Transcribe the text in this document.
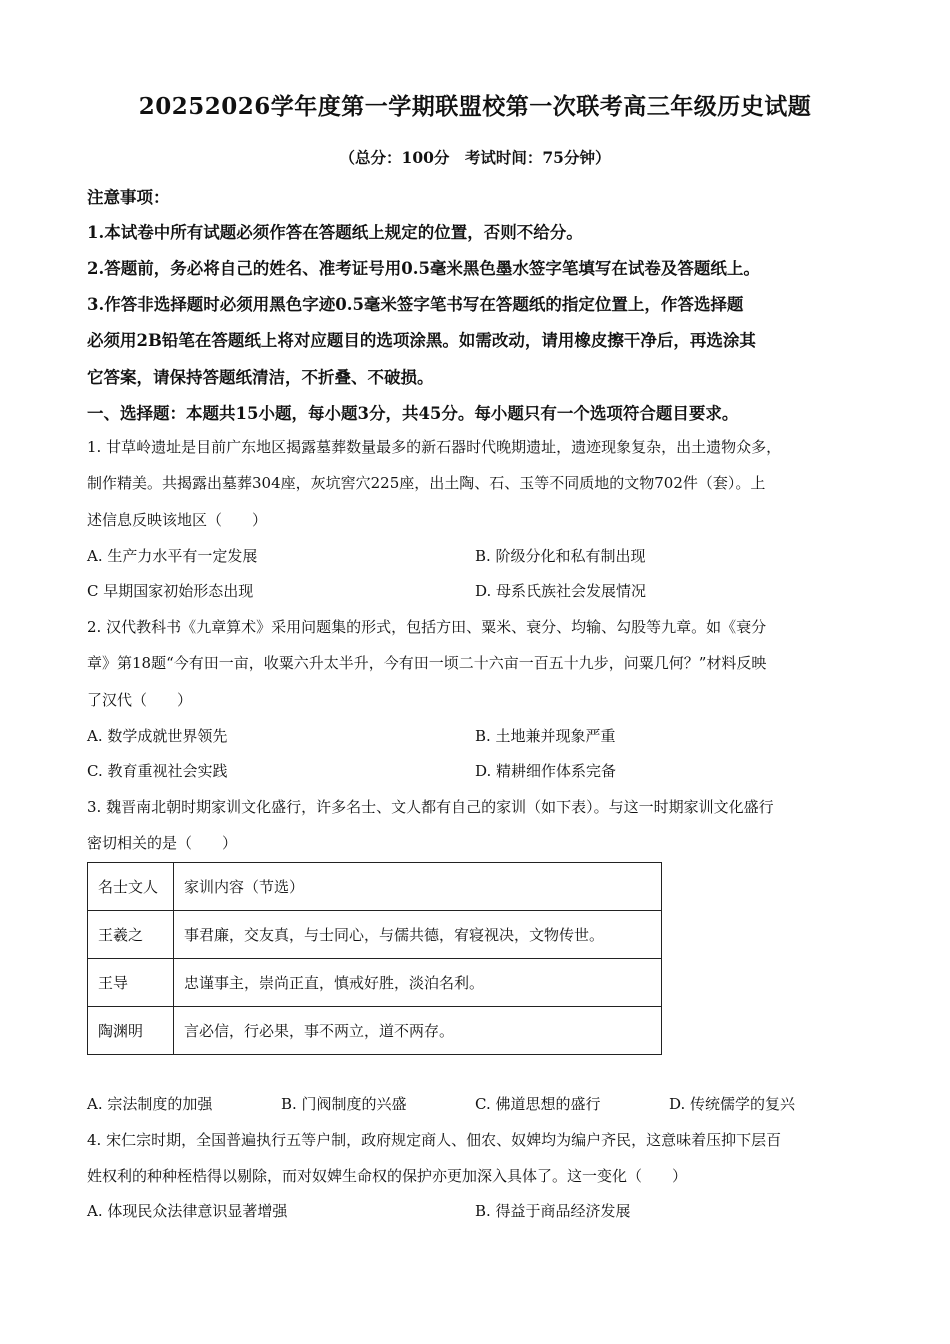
20252026学年度第一学期联盟校第一次联考高三年级历史试题
（总分：100分　考试时间：75分钟）
注意事项：
1.本试卷中所有试题必须作答在答题纸上规定的位置，否则不给分。
2.答题前，务必将自己的姓名、准考证号用0.5毫米黑色墨水签字笔填写在试卷及答题纸上。
3.作答非选择题时必须用黑色字迹0.5毫米签字笔书写在答题纸的指定位置上，作答选择题
必须用2B铅笔在答题纸上将对应题目的选项涂黑。如需改动，请用橡皮擦干净后，再选涂其
它答案，请保持答题纸清洁，不折叠、不破损。
一、选择题：本题共15小题，每小题3分，共45分。每小题只有一个选项符合题目要求。
1. 甘草岭遗址是目前广东地区揭露墓葬数量最多的新石器时代晚期遗址，遗迹现象复杂，出土遗物众多，
制作精美。共揭露出墓葬304座，灰坑窖穴225座，出土陶、石、玉等不同质地的文物702件（套）。上
述信息反映该地区（　　）
A. 生产力水平有一定发展	B. 阶级分化和私有制出现
C 早期国家初始形态出现	D. 母系氏族社会发展情况
2. 汉代教科书《九章算术》采用问题集的形式，包括方田、粟米、衰分、均输、勾股等九章。如《衰分
章》第18题“今有田一亩，收粟六升太半升，今有田一顷二十六亩一百五十九步，问粟几何？”材料反映
了汉代（　　）
A. 数学成就世界领先	B. 土地兼并现象严重
C. 教育重视社会实践	D. 精耕细作体系完备
3. 魏晋南北朝时期家训文化盛行，许多名士、文人都有自己的家训（如下表）。与这一时期家训文化盛行
密切相关的是（　　）
名士文人	家训内容（节选）
王羲之	事君廉，交友真，与士同心，与儒共德，宥寝视决，文物传世。
王导	忠谨事主，崇尚正直，慎戒好胜，淡泊名利。
陶渊明	言必信，行必果，事不两立，道不两存。
A. 宗法制度的加强	B. 门阀制度的兴盛	C. 佛道思想的盛行	D. 传统儒学的复兴
4. 宋仁宗时期，全国普遍执行五等户制，政府规定商人、佃农、奴婢均为编户齐民，这意味着压抑下层百
姓权利的种种桎梏得以剔除，而对奴婢生命权的保护亦更加深入具体了。这一变化（　　）
A. 体现民众法律意识显著增强	B. 得益于商品经济发展
